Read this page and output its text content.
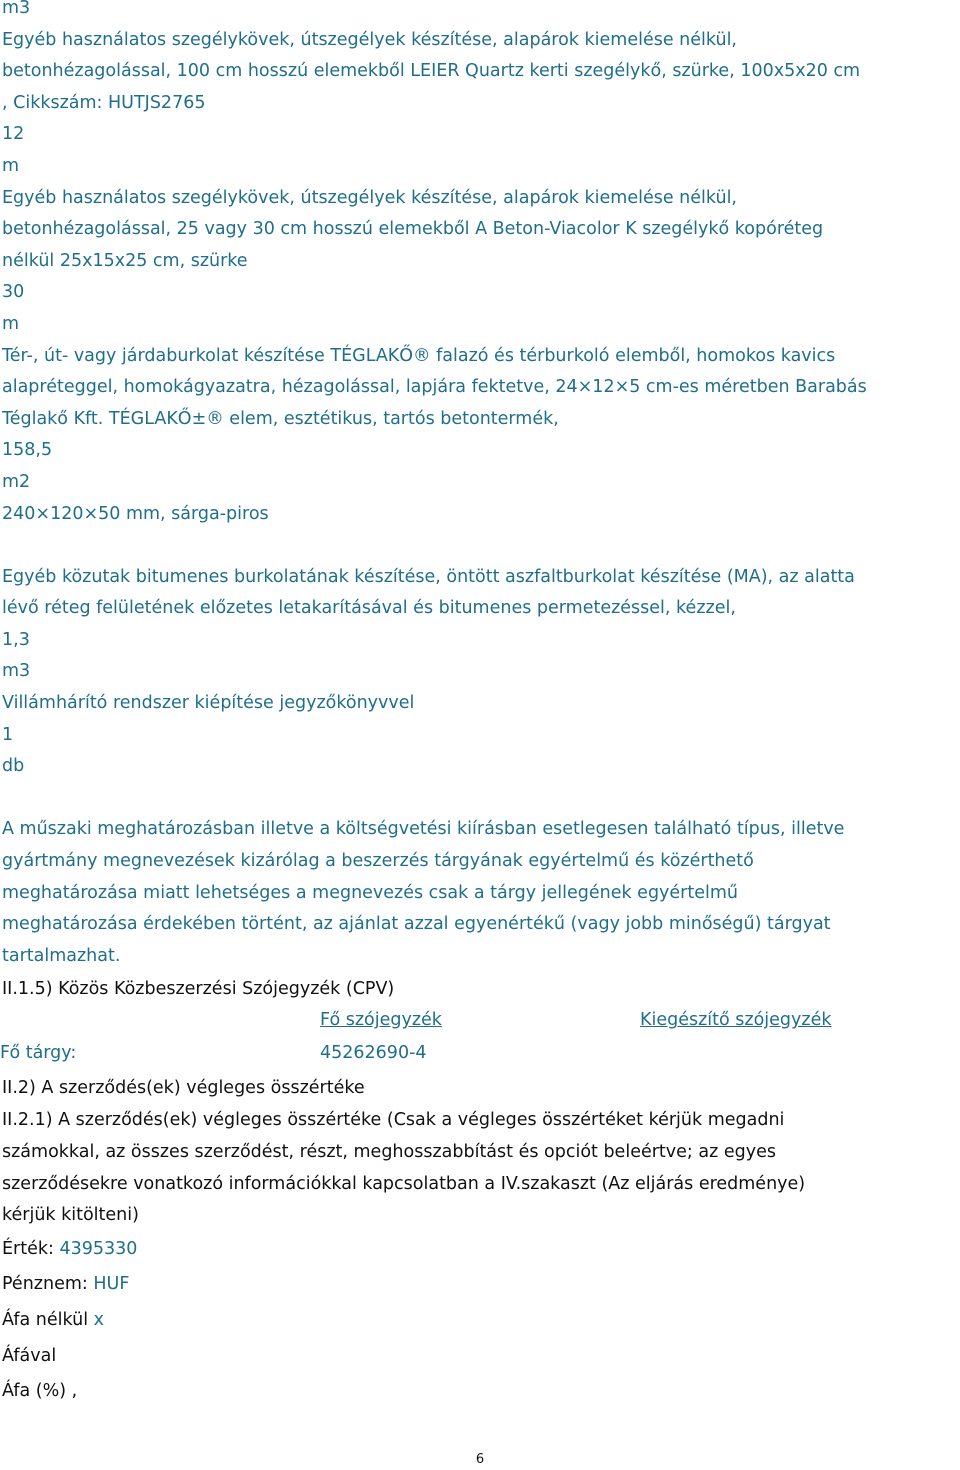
m3
Egyéb használatos szegélykövek, útszegélyek készítése, alapárok kiemelése nélkül,
betonhézagolással, 100 cm hosszú elemekből LEIER Quartz kerti szegélykő, szürke, 100x5x20 cm
, Cikkszám: HUTJS2765
12
m
Egyéb használatos szegélykövek, útszegélyek készítése, alapárok kiemelése nélkül,
betonhézagolással, 25 vagy 30 cm hosszú elemekből A Beton-Viacolor K szegélykő kopóréteg
nélkül 25x15x25 cm, szürke
30
m
Tér-, út- vagy járdaburkolat készítése TÉGLAKŐ® falazó és térburkoló elemből, homokos kavics
alapréteggel, homokágyazatra, hézagolással, lapjára fektetve, 24×12×5 cm-es méretben Barabás
Téglakő Kft. TÉGLAKŐ±® elem, esztétikus, tartós betontermék,
158,5
m2
240×120×50 mm, sárga-piros
Egyéb közutak bitumenes burkolatának készítése, öntött aszfaltburkolat készítése (MA), az alatta
lévő réteg felületének előzetes letakarításával és bitumenes permetezéssel, kézzel,
1,3
m3
Villámhárító rendszer kiépítése jegyzőkönyvvel
1
db
A műszaki meghatározásban illetve a költségvetési kiírásban esetlegesen található típus, illetve
gyártmány megnevezések kizárólag a beszerzés tárgyának egyértelmű és közérthető
meghatározása miatt lehetséges a megnevezés csak a tárgy jellegének egyértelmű
meghatározása érdekében történt, az ajánlat azzal egyenértékű (vagy jobb minőségű) tárgyat
tartalmazhat.
II.1.5) Közös Közbeszerzési Szójegyzék (CPV)
Fő szójegyzék	Kiegészítő szójegyzék
Fő tárgy:	45262690-4
II.2) A szerződés(ek) végleges összértéke
II.2.1) A szerződés(ek) végleges összértéke (Csak a végleges összértéket kérjük megadni
számokkal, az összes szerződést, részt, meghosszabbítást és opciót beleértve; az egyes
szerződésekre vonatkozó információkkal kapcsolatban a IV.szakaszt (Az eljárás eredménye)
kérjük kitölteni)
Érték: 4395330
Pénznem: HUF
Áfa nélkül x
Áfával
Áfa (%) ,
6
